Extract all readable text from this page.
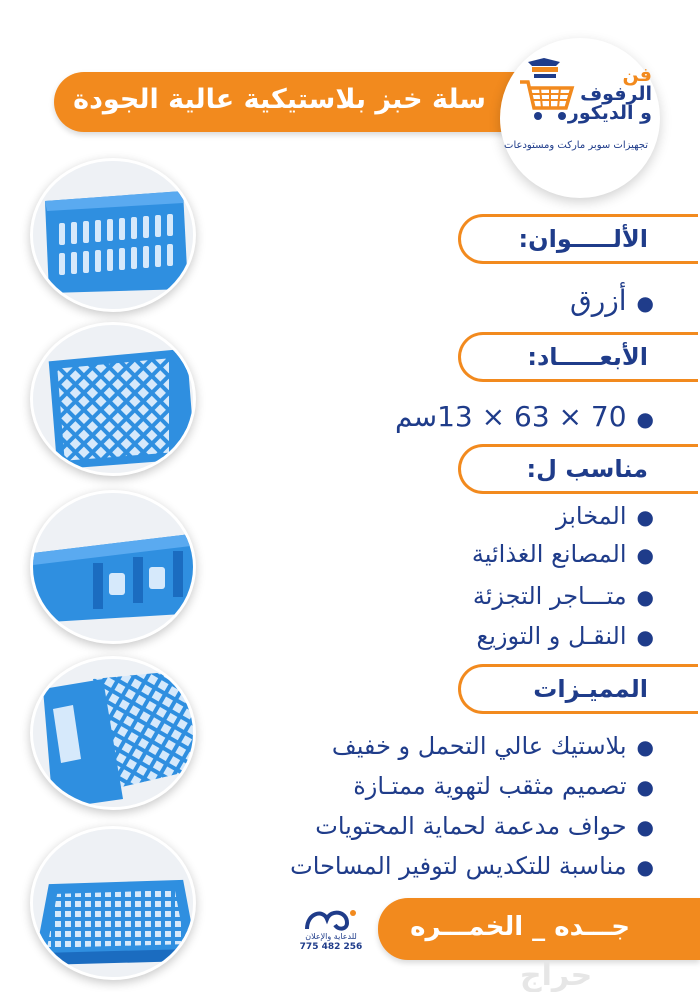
سلة خبز بلاستيكية عالية الجودة
فن
الرفوف
و الديكور
تجهيزات سوبر ماركت ومستودعات
الألـــــوان:
●أزرق
الأبعـــــاد:
●70 × 63 × 13سم
مناسب ل:
●المخابز
●المصانع الغذائية
●متـــاجر التجزئة
●النقـل و التوزيع
المميـزات
●بلاستيك عالي التحمل و خفيف
●تصميم مثقب لتهوية ممتـازة
●حواف مدعمة لحماية المحتويات
●مناسبة للتكديس لتوفير المساحات
للدعاية والإعلان
775 482 256
جـــده _ الخمـــره
حراج
